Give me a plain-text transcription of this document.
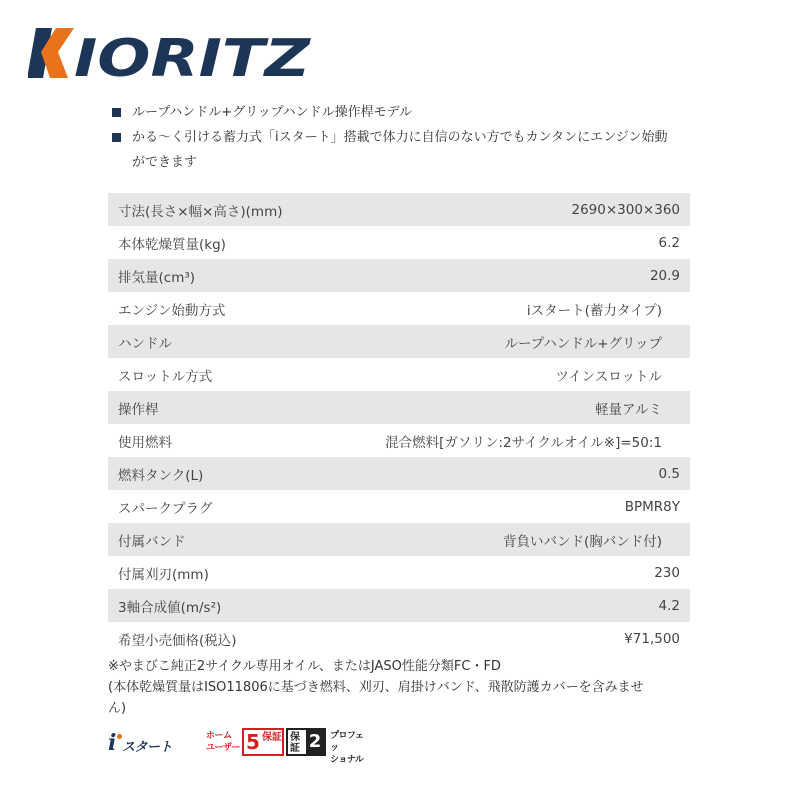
IORITZ
ループハンドル+グリップハンドル操作桿モデル
かる～く引ける蓄力式「iスタート」搭載で体力に自信のない方でもカンタンにエンジン始動
ができます
寸法(長さ×幅×高さ)(mm)	2690×300×360
本体乾燥質量(kg)	6.2
排気量(cm³)	20.9
エンジン始動方式	iスタート(蓄力タイプ)
ハンドル	ループハンドル+グリップ
スロットル方式	ツインスロットル
操作桿	軽量アルミ
使用燃料	混合燃料[ガソリン:2サイクルオイル※]=50:1
燃料タンク(L)	0.5
スパークプラグ	BPMR8Y
付属バンド	背負いバンド(胸バンド付)
付属刈刃(mm)	230
3軸合成値(m/s²)	4.2
希望小売価格(税込)	¥71,500
※やまびこ純正2サイクル専用オイル、またはJASO性能分類FC・FD
(本体乾燥質量はISO11806に基づき燃料、刈刃、肩掛けバンド、飛散防護カバーを含みませ
ん)
i スタート
ホーム
ユーザー 5 保証 保証 2 プロフェッ
ショナル
